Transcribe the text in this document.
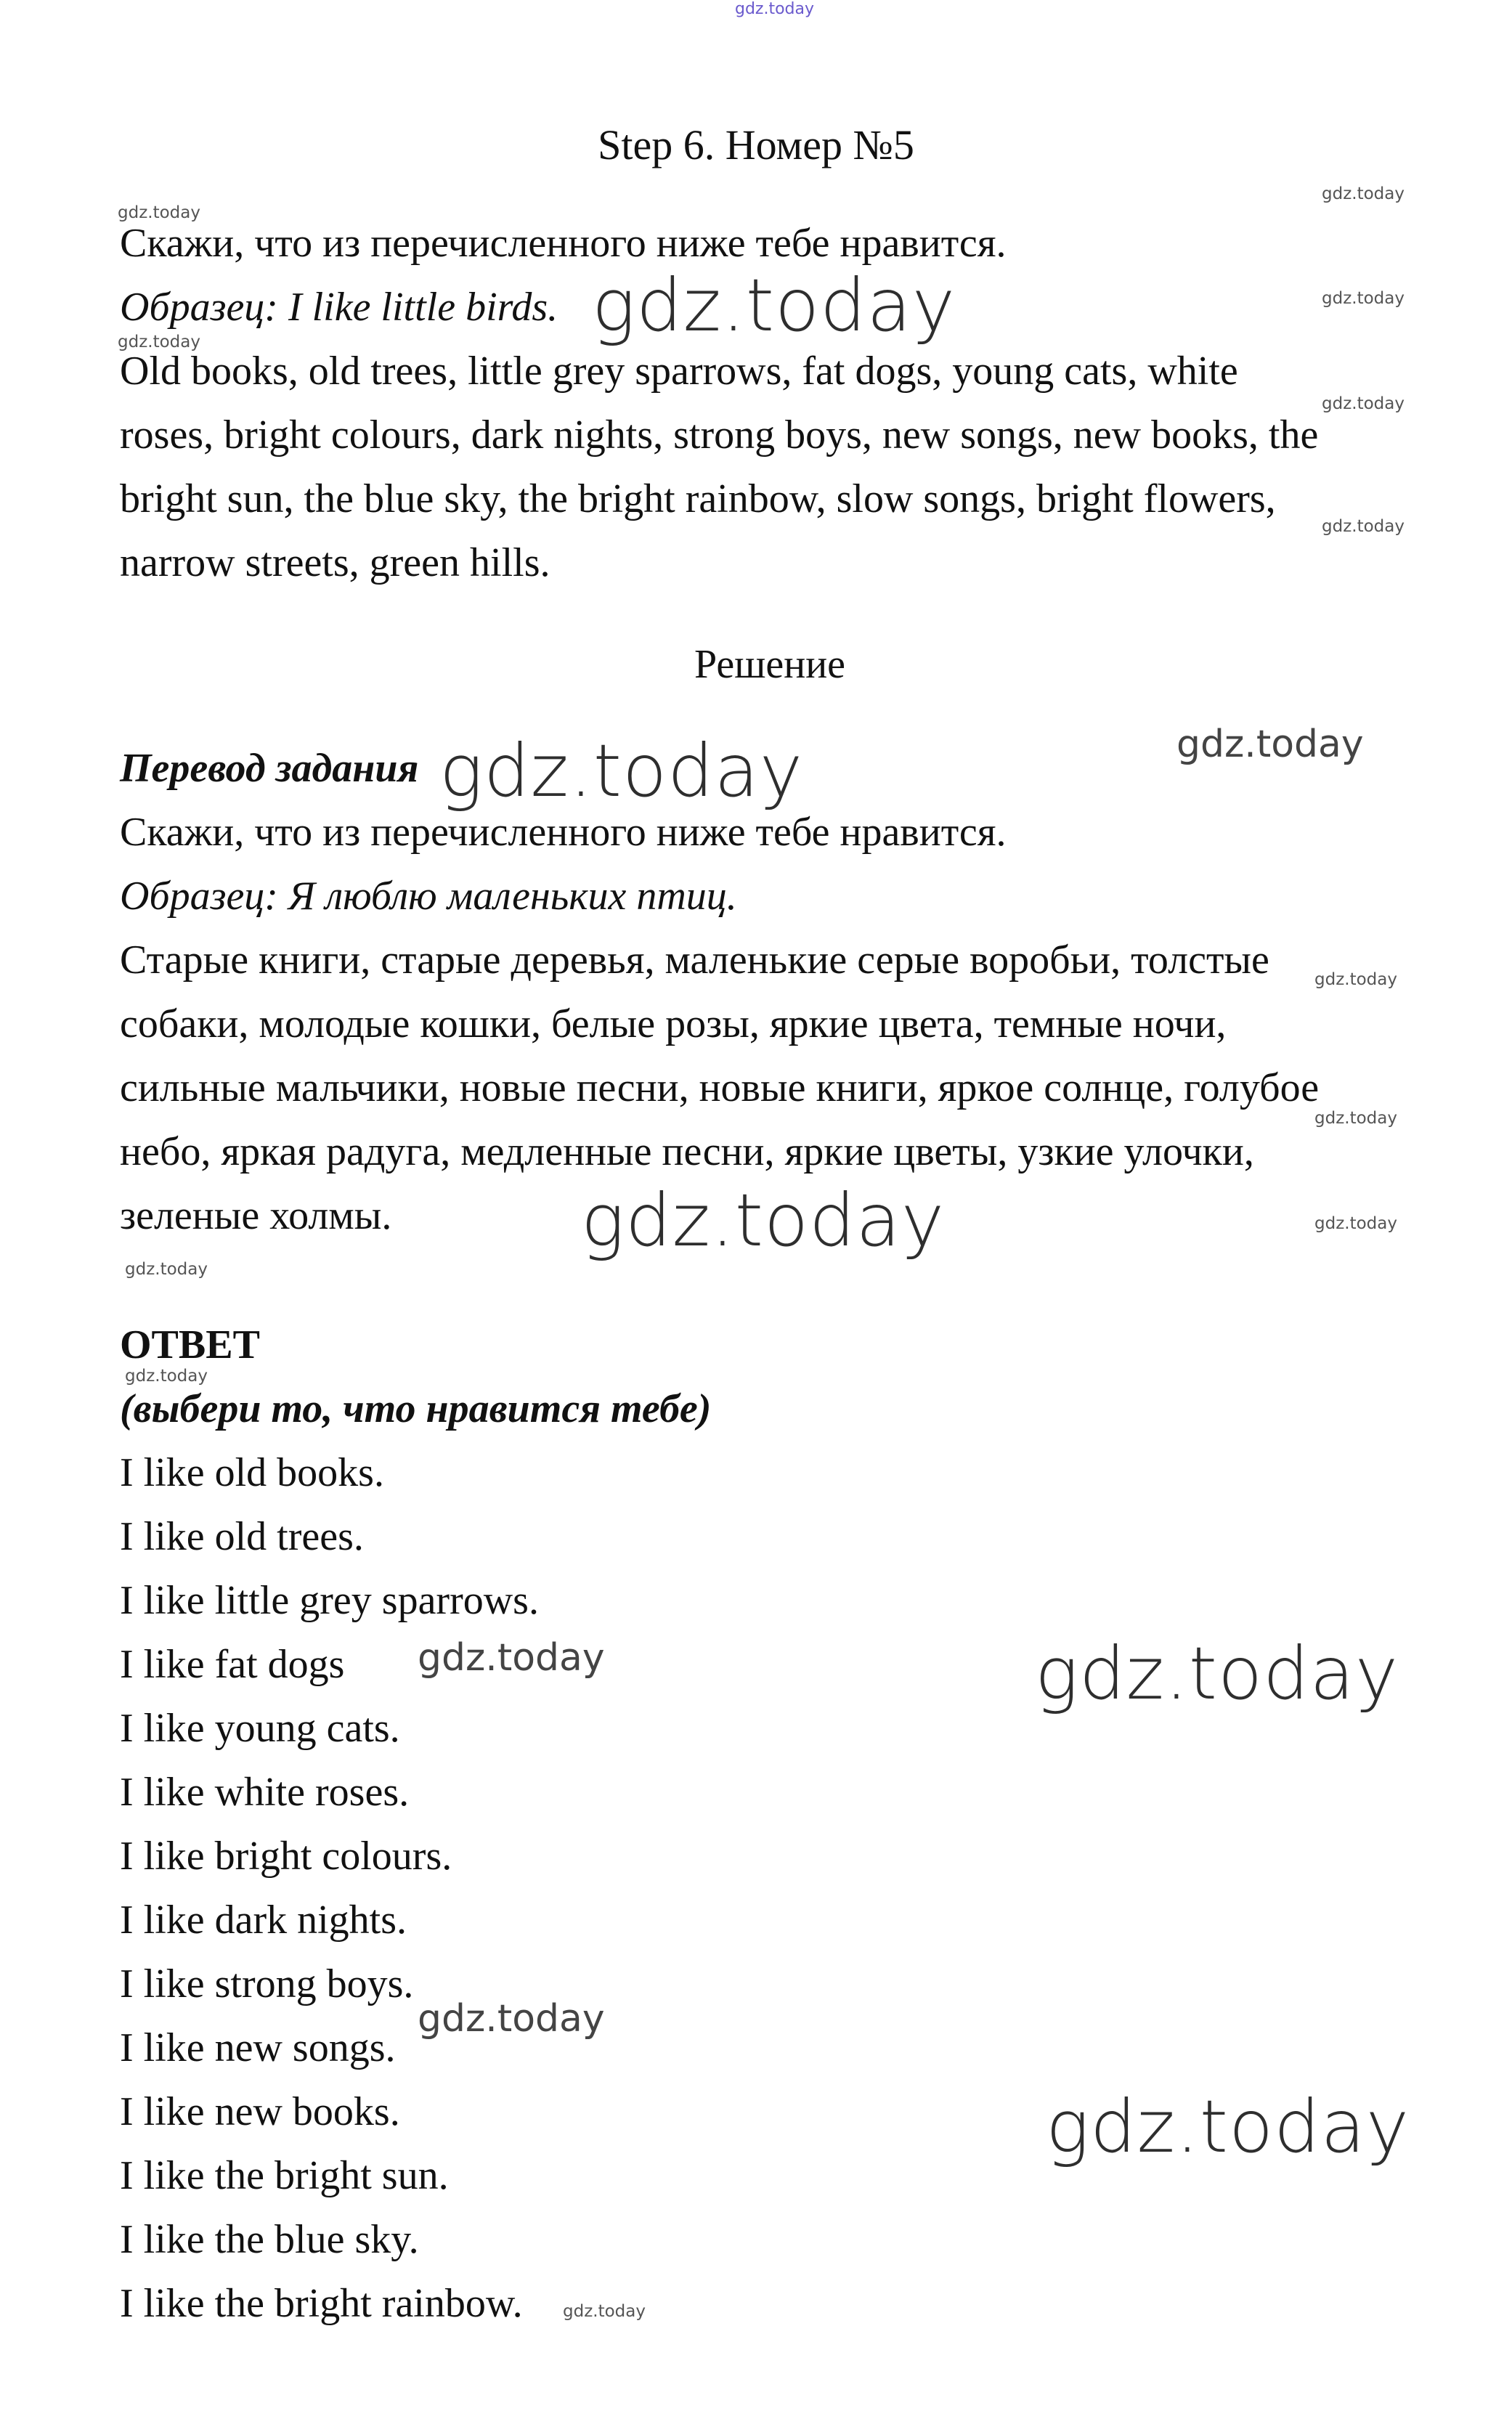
Step 6. Номер №5
Скажи, что из перечисленного ниже тебе нравится.
Образец: I like little birds.
Old books, old trees, little grey sparrows, fat dogs, young cats, white
roses, bright colours, dark nights, strong boys, new songs, new books, the
bright sun, the blue sky, the bright rainbow, slow songs, bright flowers,
narrow streets, green hills.
Решение
Перевод задания
Скажи, что из перечисленного ниже тебе нравится.
Образец: Я люблю маленьких птиц.
Старые книги, старые деревья, маленькие серые воробьи, толстые
собаки, молодые кошки, белые розы, яркие цвета, темные ночи,
сильные мальчики, новые песни, новые книги, яркое солнце, голубое
небо, яркая радуга, медленные песни, яркие цветы, узкие улочки,
зеленые холмы.
ОТВЕТ
(выбери то, что нравится тебе)
I like old books.
I like old trees.
I like little grey sparrows.
I like fat dogs
I like young cats.
I like white roses.
I like bright colours.
I like dark nights.
I like strong boys.
I like new songs.
I like new books.
I like the bright sun.
I like the blue sky.
I like the bright rainbow.
gdz.today
gdz.today
gdz.today
gdz.today	gdz.today
gdz.today
gdz.today
gdz.today
gdz.today	gdz.today
gdz.today
gdz.today
gdz.today	gdz.today
gdz.today
gdz.today
gdz.today	gdz.today
gdz.today
gdz.today
gdz.today
